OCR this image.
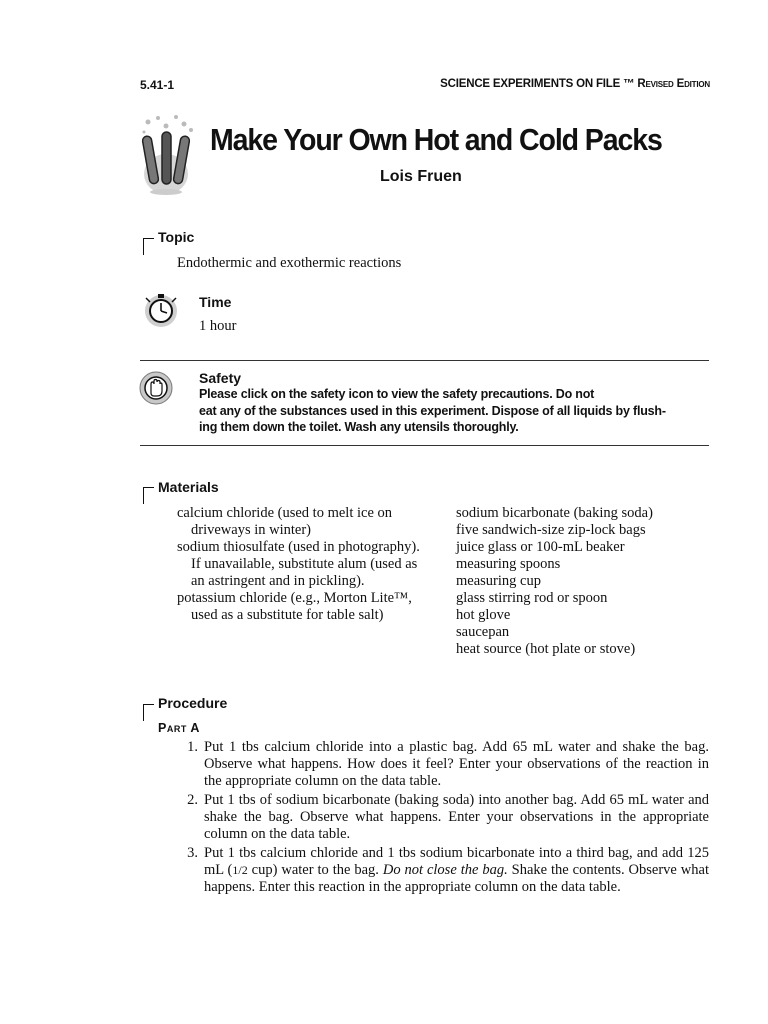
5.41-1	SCIENCE EXPERIMENTS ON FILE ™ Revised Edition
Make Your Own Hot and Cold Packs
Lois Fruen
Topic
Endothermic and exothermic reactions
Time
1 hour
Safety
Please click on the safety icon to view the safety precautions. Do not
eat any of the substances used in this experiment. Dispose of all liquids by flush-
ing them down the toilet. Wash any utensils thoroughly.
Materials
calcium chloride (used to melt ice on driveways in winter)
sodium thiosulfate (used in photography). If unavailable, substitute alum (used as an astringent and in pickling).
potassium chloride (e.g., Morton Lite™, used as a substitute for table salt)
sodium bicarbonate (baking soda)
five sandwich-size zip-lock bags
juice glass or 100-mL beaker
measuring spoons
measuring cup
glass stirring rod or spoon
hot glove
saucepan
heat source (hot plate or stove)
Procedure
Part A
1. Put 1 tbs calcium chloride into a plastic bag. Add 65 mL water and shake the bag. Observe what happens. How does it feel? Enter your observations of the reaction in the appropriate column on the data table.
2. Put 1 tbs of sodium bicarbonate (baking soda) into another bag. Add 65 mL water and shake the bag. Observe what happens. Enter your observations in the appropriate column on the data table.
3. Put 1 tbs calcium chloride and 1 tbs sodium bicarbonate into a third bag, and add 125 mL (1/2 cup) water to the bag. Do not close the bag. Shake the contents. Observe what happens. Enter this reaction in the appropriate column on the data table.
